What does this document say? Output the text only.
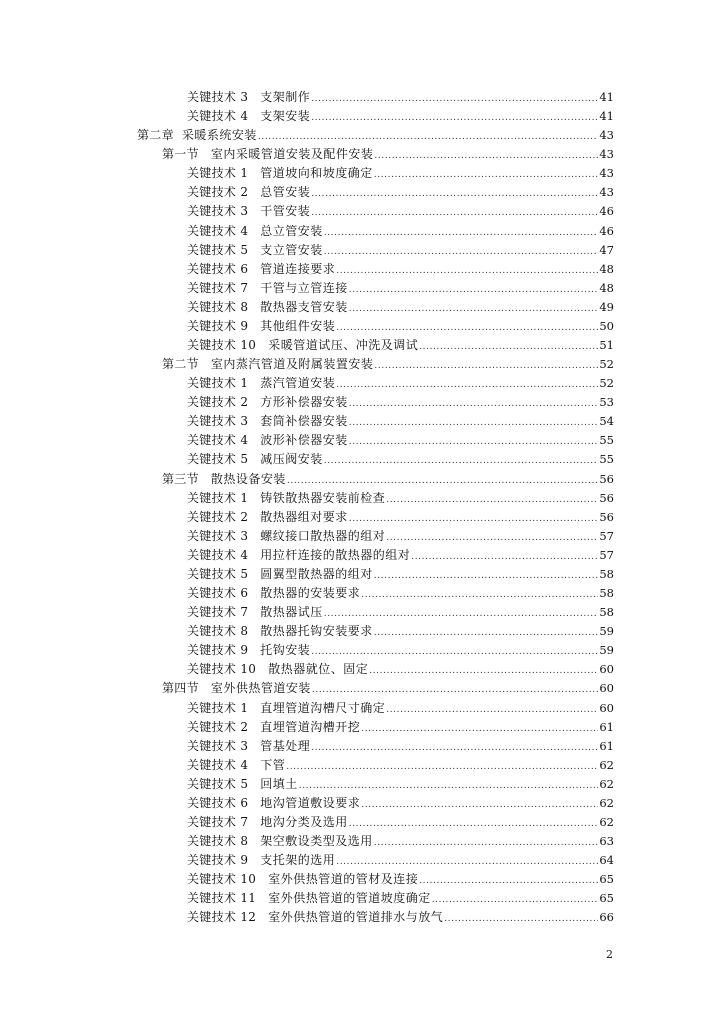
关键技术 3 支架制作 .....	41
关键技术 4 支架安装 .....	41
第二章 采暖系统安装 .....	43
第一节 室内采暖管道安装及配件安装 .....	43
关键技术 1 管道坡向和坡度确定 .....	43
关键技术 2 总管安装 .....	43
关键技术 3 干管安装 .....	46
关键技术 4 总立管安装 .....	46
关键技术 5 支立管安装 .....	47
关键技术 6 管道连接要求 .....	48
关键技术 7 干管与立管连接 .....	48
关键技术 8 散热器支管安装 .....	49
关键技术 9 其他组件安装 .....	50
关键技术 10 采暖管道试压、冲洗及调试 .....	51
第二节 室内蒸汽管道及附属装置安装 .....	52
关键技术 1 蒸汽管道安装 .....	52
关键技术 2 方形补偿器安装 .....	53
关键技术 3 套筒补偿器安装 .....	54
关键技术 4 波形补偿器安装 .....	55
关键技术 5 减压阀安装 .....	55
第三节 散热设备安装 .....	56
关键技术 1 铸铁散热器安装前检查 .....	56
关键技术 2 散热器组对要求 .....	56
关键技术 3 螺纹接口散热器的组对 .....	57
关键技术 4 用拉杆连接的散热器的组对 .....	57
关键技术 5 圆翼型散热器的组对 .....	58
关键技术 6 散热器的安装要求 .....	58
关键技术 7 散热器试压 .....	58
关键技术 8 散热器托钩安装要求 .....	59
关键技术 9 托钩安装 .....	59
关键技术 10 散热器就位、固定 .....	60
第四节 室外供热管道安装 .....	60
关键技术 1 直埋管道沟槽尺寸确定 .....	60
关键技术 2 直埋管道沟槽开挖 .....	61
关键技术 3 管基处理 .....	61
关键技术 4 下管 .....	62
关键技术 5 回填土 .....	62
关键技术 6 地沟管道敷设要求 .....	62
关键技术 7 地沟分类及选用 .....	62
关键技术 8 架空敷设类型及选用 .....	63
关键技术 9 支托架的选用 .....	64
关键技术 10 室外供热管道的管材及连接 .....	65
关键技术 11 室外供热管道的管道坡度确定 .....	65
关键技术 12 室外供热管道的管道排水与放气 .....	66
2
